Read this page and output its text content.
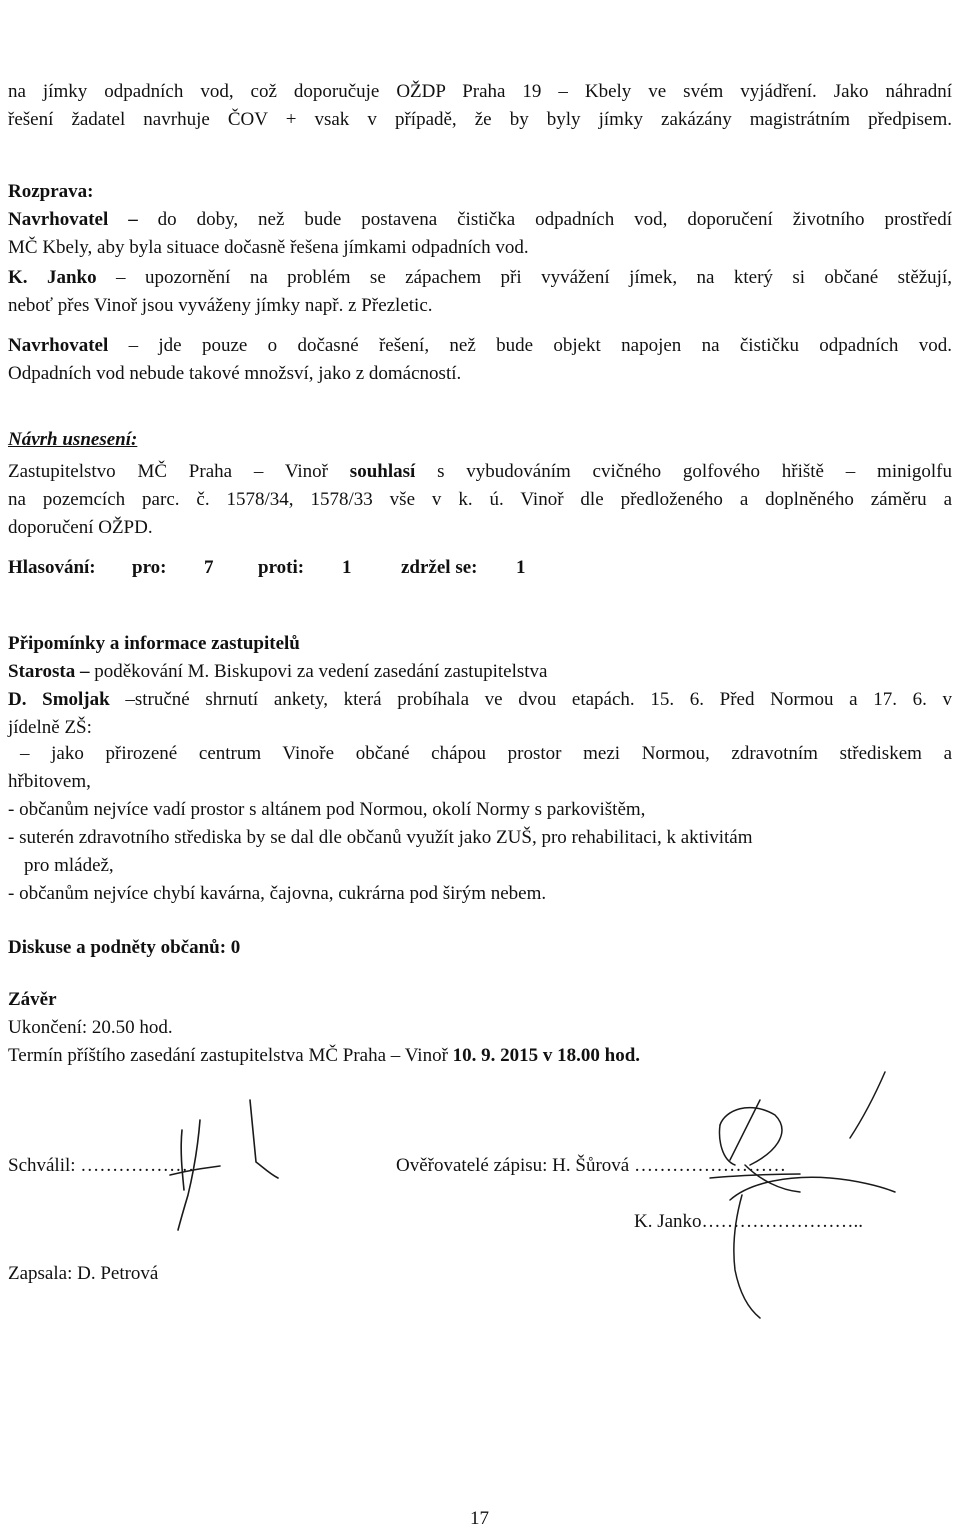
na jímky odpadních vod, což doporučuje OŽDP Praha 19 – Kbely ve svém vyjádření. Jako náhradní

řešení žadatel navrhuje ČOV + vsak v případě, že by byly jímky zakázány magistrátním předpisem.

Rozprava:

Navrhovatel – do doby, než bude postavena čistička odpadních vod, doporučení životního prostředí

MČ Kbely, aby byla situace dočasně řešena jímkami odpadních vod.

K. Janko – upozornění na problém se zápachem při vyvážení jímek, na který si občané stěžují,

neboť přes Vinoř jsou vyváženy jímky např. z Přezletic.

Navrhovatel – jde pouze o dočasné řešení, než bude objekt napojen na čističku odpadních vod.

Odpadních vod nebude takové množsví, jako z domácností.

Návrh usnesení:

Zastupitelstvo MČ Praha – Vinoř souhlasí s vybudováním cvičného golfového hřiště – minigolfu

na pozemcích parc. č. 1578/34, 1578/33 vše v k. ú. Vinoř dle předloženého a doplněného záměru a

doporučení OŽPD.

Hlasování: pro: 7 proti: 1	zdržel se: 1

Připomínky a informace zastupitelů

Starosta – poděkování M. Biskupovi za vedení zasedání zastupitelstva

D. Smoljak –stručné shrnutí ankety, která probíhala ve dvou etapách. 15. 6. Před Normou a 17. 6. v

jídelně ZŠ:

– jako přirozené centrum Vinoře občané chápou prostor mezi Normou, zdravotním střediskem a

hřbitovem,

- občanům nejvíce vadí prostor s altánem pod Normou, okolí Normy s parkovištěm,

- suterén zdravotního střediska by se dal dle občanů využít jako ZUŠ, pro rehabilitaci, k aktivitám

pro mládež,

- občanům nejvíce chybí kavárna, čajovna, cukrárna pod širým nebem.

Diskuse a podněty občanů: 0

Závěr

Ukončení: 20.50 hod.

Termín příštího zasedání zastupitelstva MČ Praha – Vinoř 10. 9. 2015 v 18.00 hod.

Schválil: ………………	Ověřovatelé zápisu: H. Šůrová ……………………

K. Janko……………………..

Zapsala: D. Petrová

17
